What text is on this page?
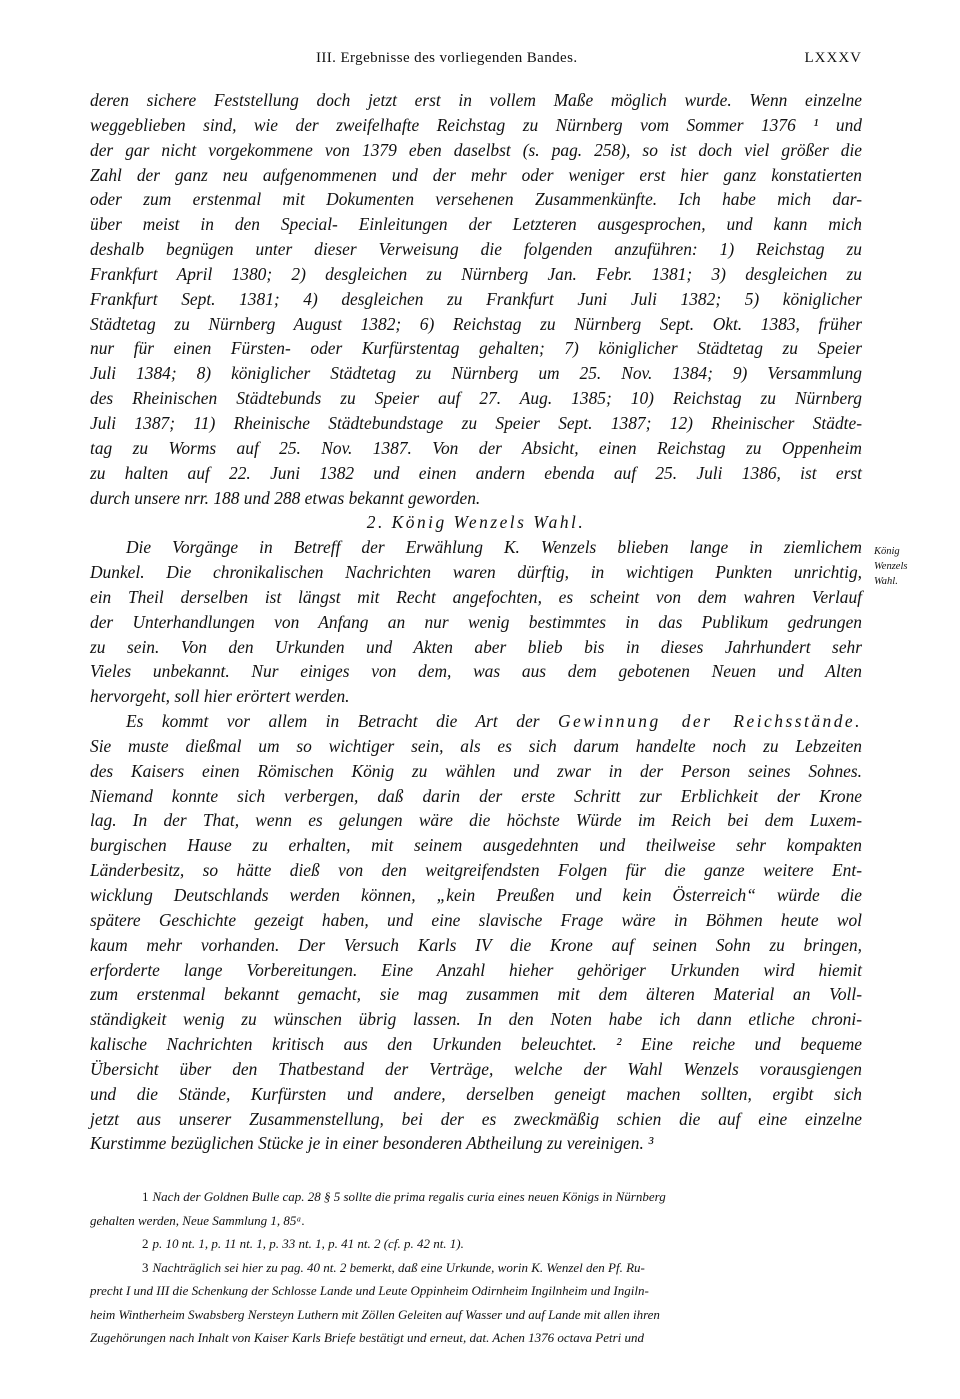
III. Ergebnisse des vorliegenden Bandes.	LXXXV
deren sichere Feststellung doch jetzt erst in vollem Maße möglich wurde. Wenn einzelne
weggeblieben sind, wie der zweifelhafte Reichstag zu Nürnberg vom Sommer 1376 ¹ und
der gar nicht vorgekommene von 1379 eben daselbst (s. pag. 258), so ist doch viel größer die
Zahl der ganz neu aufgenommenen und der mehr oder weniger erst hier ganz konstatierten
oder zum erstenmal mit Dokumenten versehenen Zusammenkünfte. Ich habe mich dar-
über meist in den Special- Einleitungen der Letzteren ausgesprochen, und kann mich
deshalb begnügen unter dieser Verweisung die folgenden anzuführen: 1) Reichstag zu
Frankfurt April 1380; 2) desgleichen zu Nürnberg Jan. Febr. 1381; 3) desgleichen zu
Frankfurt Sept. 1381; 4) desgleichen zu Frankfurt Juni Juli 1382; 5) königlicher
Städtetag zu Nürnberg August 1382; 6) Reichstag zu Nürnberg Sept. Okt. 1383, früher
nur für einen Fürsten- oder Kurfürstentag gehalten; 7) königlicher Städtetag zu Speier
Juli 1384; 8) königlicher Städtetag zu Nürnberg um 25. Nov. 1384; 9) Versammlung
des Rheinischen Städtebunds zu Speier auf 27. Aug. 1385; 10) Reichstag zu Nürnberg
Juli 1387; 11) Rheinische Städtebundstage zu Speier Sept. 1387; 12) Rheinischer Städte-
tag zu Worms auf 25. Nov. 1387. Von der Absicht, einen Reichstag zu Oppenheim
zu halten auf 22. Juni 1382 und einen andern ebenda auf 25. Juli 1386, ist erst
durch unsere nrr. 188 und 288 etwas bekannt geworden.
2. König Wenzels Wahl.
Die Vorgänge in Betreff der Erwählung K. Wenzels blieben lange in ziemlichem
Dunkel. Die chronikalischen Nachrichten waren dürftig, in wichtigen Punkten unrichtig,
ein Theil derselben ist längst mit Recht angefochten, es scheint von dem wahren Verlauf
der Unterhandlungen von Anfang an nur wenig bestimmtes in das Publikum gedrungen
zu sein. Von den Urkunden und Akten aber blieb bis in dieses Jahrhundert sehr
Vieles unbekannt. Nur einiges von dem, was aus dem gebotenen Neuen und Alten
hervorgeht, soll hier erörtert werden.
Es kommt vor allem in Betracht die Art der Gewinnung der Reichsstände.
Sie muste dießmal um so wichtiger sein, als es sich darum handelte noch zu Lebzeiten
des Kaisers einen Römischen König zu wählen und zwar in der Person seines Sohnes.
Niemand konnte sich verbergen, daß darin der erste Schritt zur Erblichkeit der Krone
lag. In der That, wenn es gelungen wäre die höchste Würde im Reich bei dem Luxem-
burgischen Hause zu erhalten, mit seinem ausgedehnten und theilweise sehr kompakten
Länderbesitz, so hätte dieß von den weitgreifendsten Folgen für die ganze weitere Ent-
wicklung Deutschlands werden können, „kein Preußen und kein Österreich“ würde die
spätere Geschichte gezeigt haben, und eine slavische Frage wäre in Böhmen heute wol
kaum mehr vorhanden. Der Versuch Karls IV die Krone auf seinen Sohn zu bringen,
erforderte lange Vorbereitungen. Eine Anzahl hieher gehöriger Urkunden wird hiemit
zum erstenmal bekannt gemacht, sie mag zusammen mit dem älteren Material an Voll-
ständigkeit wenig zu wünschen übrig lassen. In den Noten habe ich dann etliche chroni-
kalische Nachrichten kritisch aus den Urkunden beleuchtet. ² Eine reiche und bequeme
Übersicht über den Thatbestand der Verträge, welche der Wahl Wenzels vorausgiengen
und die Stände, Kurfürsten und andere, derselben geneigt machen sollten, ergibt sich
jetzt aus unserer Zusammenstellung, bei der es zweckmäßig schien die auf eine einzelne
Kurstimme bezüglichen Stücke je in einer besonderen Abtheilung zu vereinigen. ³
König
Wenzels
Wahl.
1 Nach der Goldnen Bulle cap. 28 § 5 sollte die prima regalis curia eines neuen Königs in Nürnberg
gehalten werden, Neue Sammlung 1, 85ᵃ.
2 p. 10 nt. 1, p. 11 nt. 1, p. 33 nt. 1, p. 41 nt. 2 (cf. p. 42 nt. 1).
3 Nachträglich sei hier zu pag. 40 nt. 2 bemerkt, daß eine Urkunde, worin K. Wenzel den Pf. Ru-
precht I und III die Schenkung der Schlosse Lande und Leute Oppinheim Odirnheim Ingilnheim und Ingiln-
heim Wintherheim Swabsberg Nersteyn Luthern mit Zöllen Geleiten auf Wasser und auf Lande mit allen ihren
Zugehörungen nach Inhalt von Kaiser Karls Briefe bestätigt und erneut, dat. Achen 1376 octava Petri und
